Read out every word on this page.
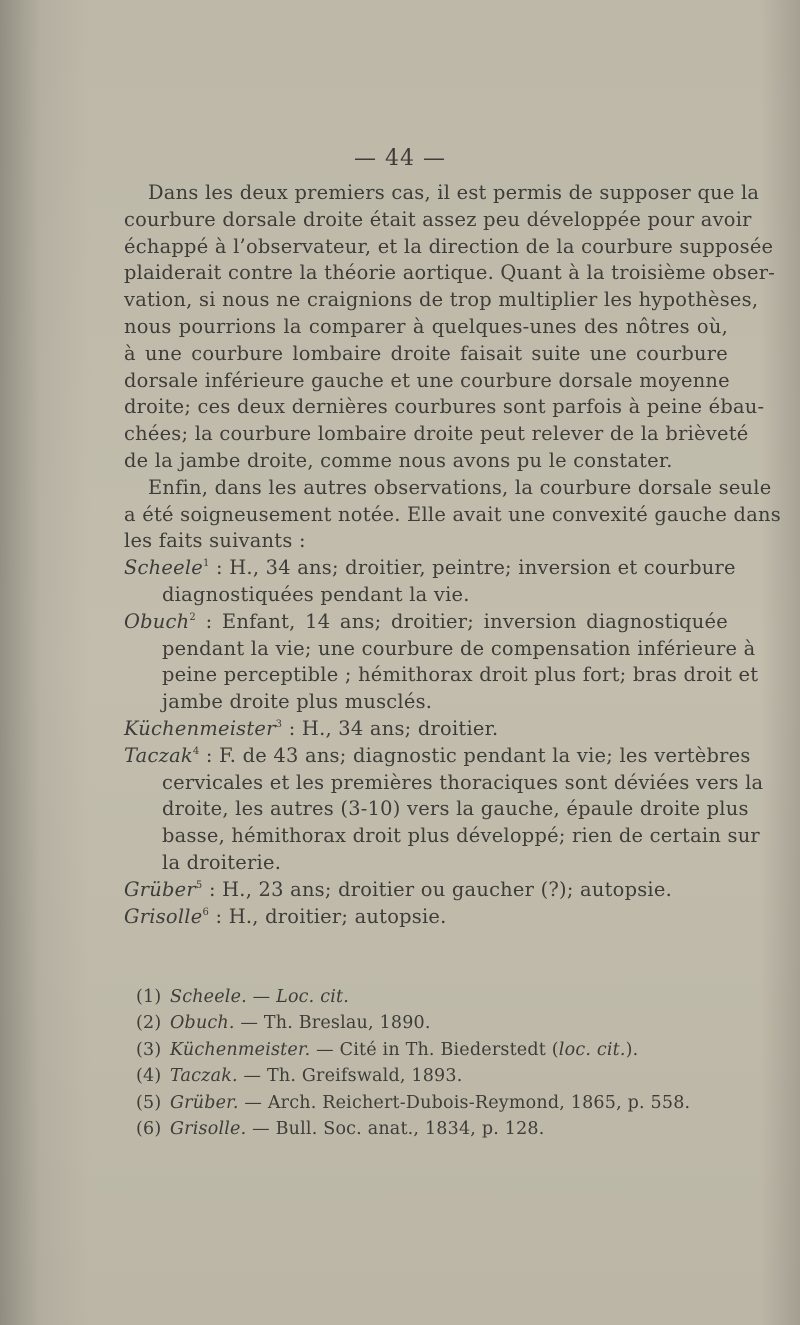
— 44 —
Dans les deux premiers cas, il est permis de supposer que la
courbure dorsale droite était assez peu développée pour avoir
échappé à l’observateur, et la direction de la courbure supposée
plaiderait contre la théorie aortique. Quant à la troisième obser-
vation, si nous ne craignions de trop multiplier les hypothèses,
nous pourrions la comparer à quelques-unes des nôtres où,
à une courbure lombaire droite faisait suite une courbure
dorsale inférieure gauche et une courbure dorsale moyenne
droite; ces deux dernières courbures sont parfois à peine ébau-
chées; la courbure lombaire droite peut relever de la brièveté
de la jambe droite, comme nous avons pu le constater.
Enfin, dans les autres observations, la courbure dorsale seule
a été soigneusement notée. Elle avait une convexité gauche dans
les faits suivants :
Scheele$^1$ : H., 34 ans; droitier, peintre; inversion et courbure
diagnostiquées pendant la vie.
Obuch$^2$ : Enfant, 14 ans; droitier; inversion diagnostiquée
pendant la vie; une courbure de compensation inférieure à
peine perceptible ; hémithorax droit plus fort; bras droit et
jambe droite plus musclés.
Küchenmeister$^3$ : H., 34 ans; droitier.
Taczak$^4$ : F. de 43 ans; diagnostic pendant la vie; les vertèbres
cervicales et les premières thoraciques sont déviées vers la
droite, les autres (3-10) vers la gauche, épaule droite plus
basse, hémithorax droit plus développé; rien de certain sur
la droiterie.
Grüber$^5$ : H., 23 ans; droitier ou gaucher (?); autopsie.
Grisolle$^6$ : H., droitier; autopsie.
(1) Scheele. — Loc. cit.
(2) Obuch. — Th. Breslau, 1890.
(3) Küchenmeister. — Cité in Th. Biederstedt (loc. cit.).
(4) Taczak. — Th. Greifswald, 1893.
(5) Grüber. — Arch. Reichert-Dubois-Reymond, 1865, p. 558.
(6) Grisolle. — Bull. Soc. anat., 1834, p. 128.
